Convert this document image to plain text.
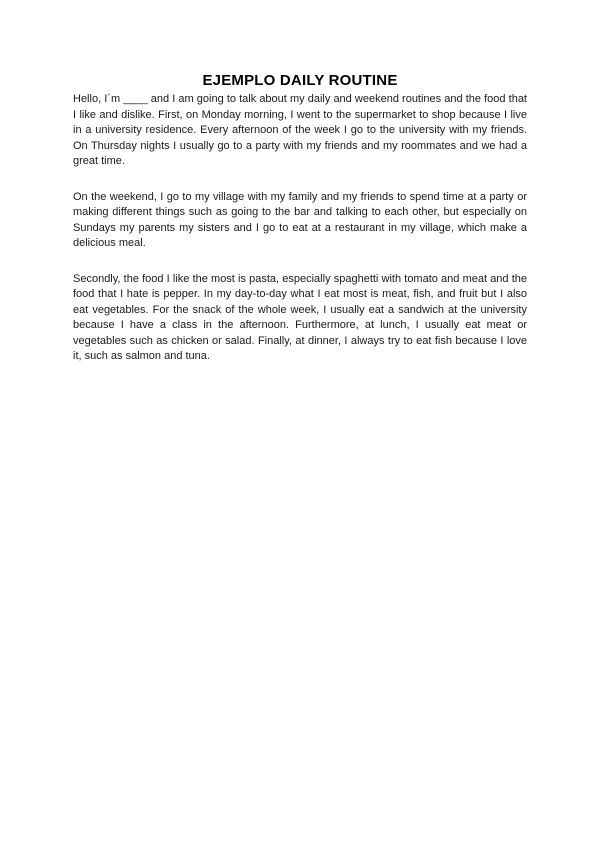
EJEMPLO DAILY ROUTINE

Hello, I´m ____ and I am going to talk about my daily and weekend routines and the food that I like and dislike. First, on Monday morning, I went to the supermarket to shop because I live in a university residence. Every afternoon of the week I go to the university with my friends. On Thursday nights I usually go to a party with my friends and my roommates and we had a great time.

On the weekend, I go to my village with my family and my friends to spend time at a party or making different things such as going to the bar and talking to each other, but especially on Sundays my parents my sisters and I go to eat at a restaurant in my village, which make a delicious meal.

Secondly, the food I like the most is pasta, especially spaghetti with tomato and meat and the food that I hate is pepper. In my day-to-day what I eat most is meat, fish, and fruit but I also eat vegetables. For the snack of the whole week, I usually eat a sandwich at the university because I have a class in the afternoon. Furthermore, at lunch, I usually eat meat or vegetables such as chicken or salad. Finally, at dinner, I always try to eat fish because I love it, such as salmon and tuna.
